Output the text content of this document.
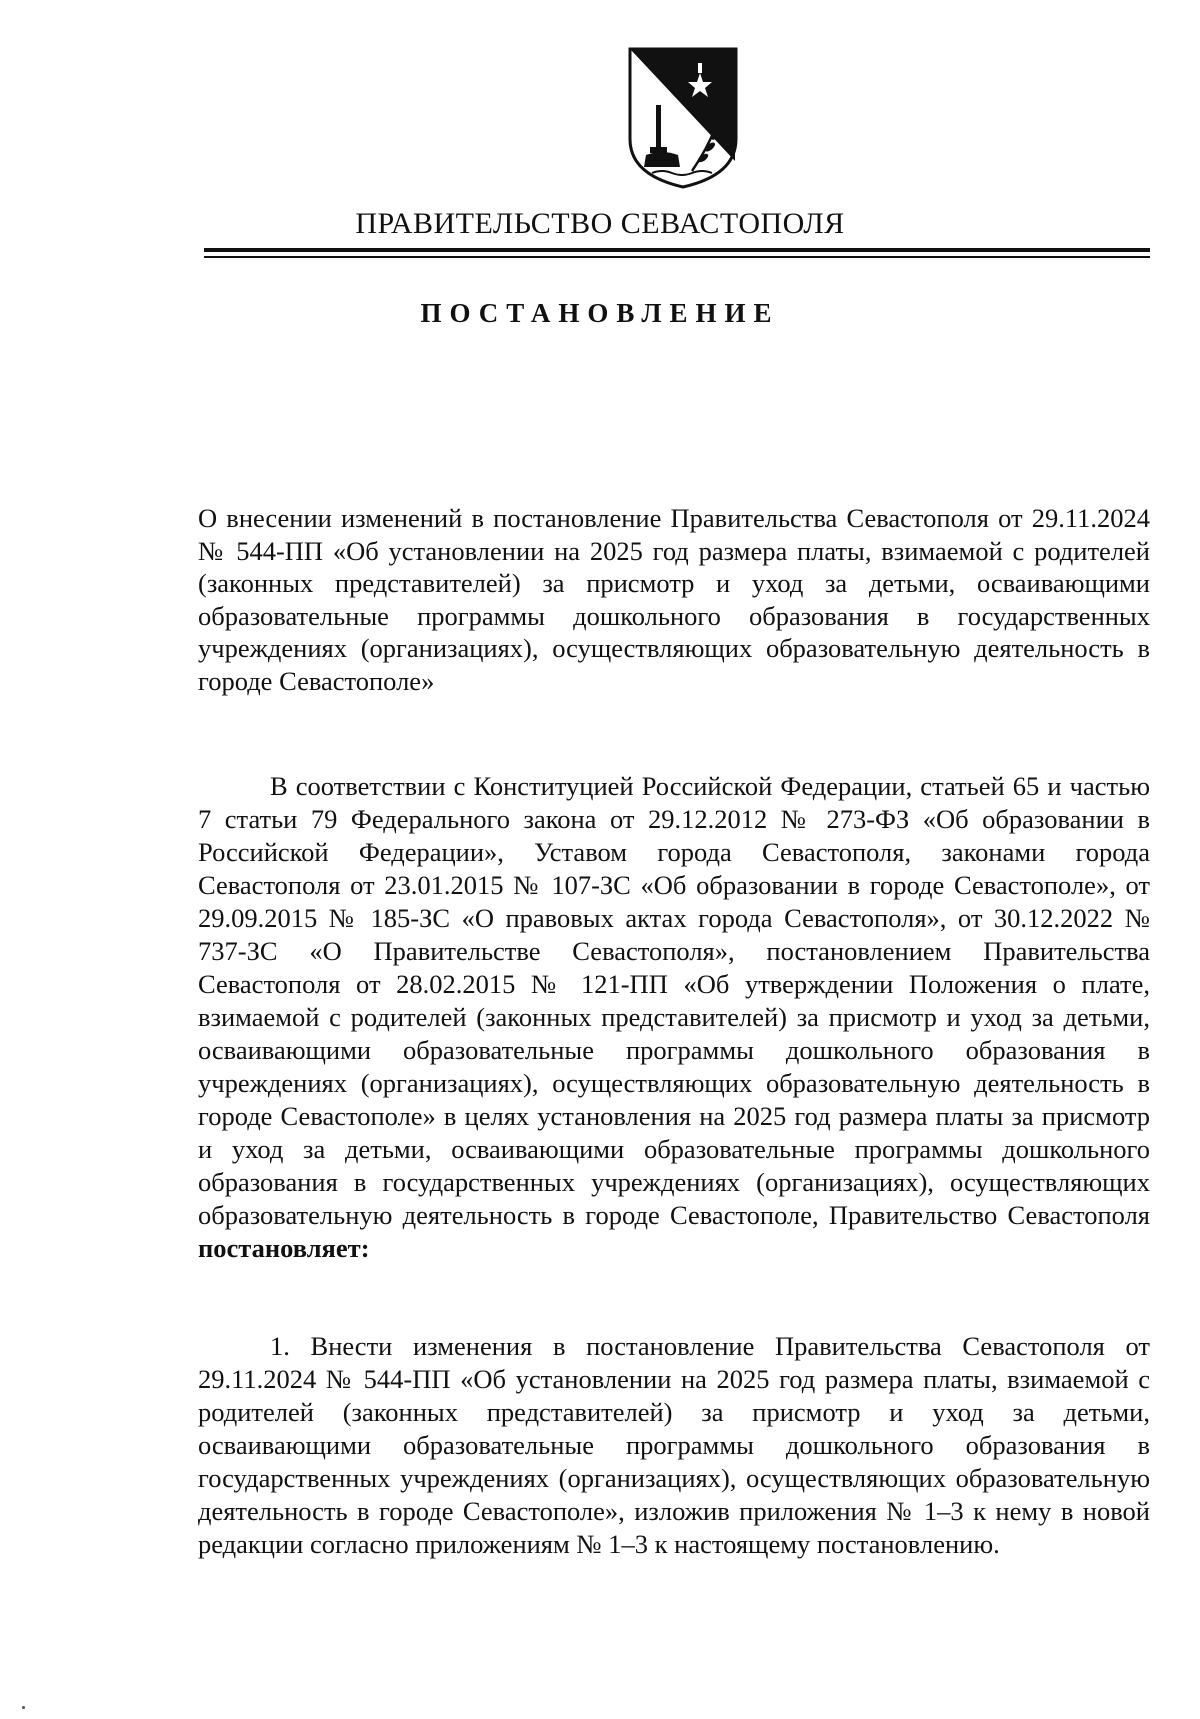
ПРАВИТЕЛЬСТВО СЕВАСТОПОЛЯ
ПОСТАНОВЛЕНИЕ

О внесении изменений в постановление Правительства Севастополя от 29.11.2024 № 544-ПП «Об установлении на 2025 год размера платы, взимаемой с родителей (законных представителей) за присмотр и уход за детьми, осваивающими образовательные программы дошкольного образования в государственных учреждениях (организациях), осуществляющих образовательную деятельность в городе Севастополе»

В соответствии с Конституцией Российской Федерации, статьей 65 и частью 7 статьи 79 Федерального закона от 29.12.2012 № 273-ФЗ «Об образовании в Российской Федерации», Уставом города Севастополя, законами города Севастополя от 23.01.2015 № 107-ЗС «Об образовании в городе Севастополе», от 29.09.2015 № 185-ЗС «О правовых актах города Севастополя», от 30.12.2022 № 737-ЗС «О Правительстве Севастополя», постановлением Правительства Севастополя от 28.02.2015 № 121-ПП «Об утверждении Положения о плате, взимаемой с родителей (законных представителей) за присмотр и уход за детьми, осваивающими образовательные программы дошкольного образования в учреждениях (организациях), осуществляющих образовательную деятельность в городе Севастополе» в целях установления на 2025 год размера платы за присмотр и уход за детьми, осваивающими образовательные программы дошкольного образования в государственных учреждениях (организациях), осуществляющих образовательную деятельность в городе Севастополе, Правительство Севастополя постановляет:

1. Внести изменения в постановление Правительства Севастополя от 29.11.2024 № 544-ПП «Об установлении на 2025 год размера платы, взимаемой с родителей (законных представителей) за присмотр и уход за детьми, осваивающими образовательные программы дошкольного образования в государственных учреждениях (организациях), осуществляющих образовательную деятельность в городе Севастополе», изложив приложения № 1–3 к нему в новой редакции согласно приложениям № 1–3 к настоящему постановлению.
